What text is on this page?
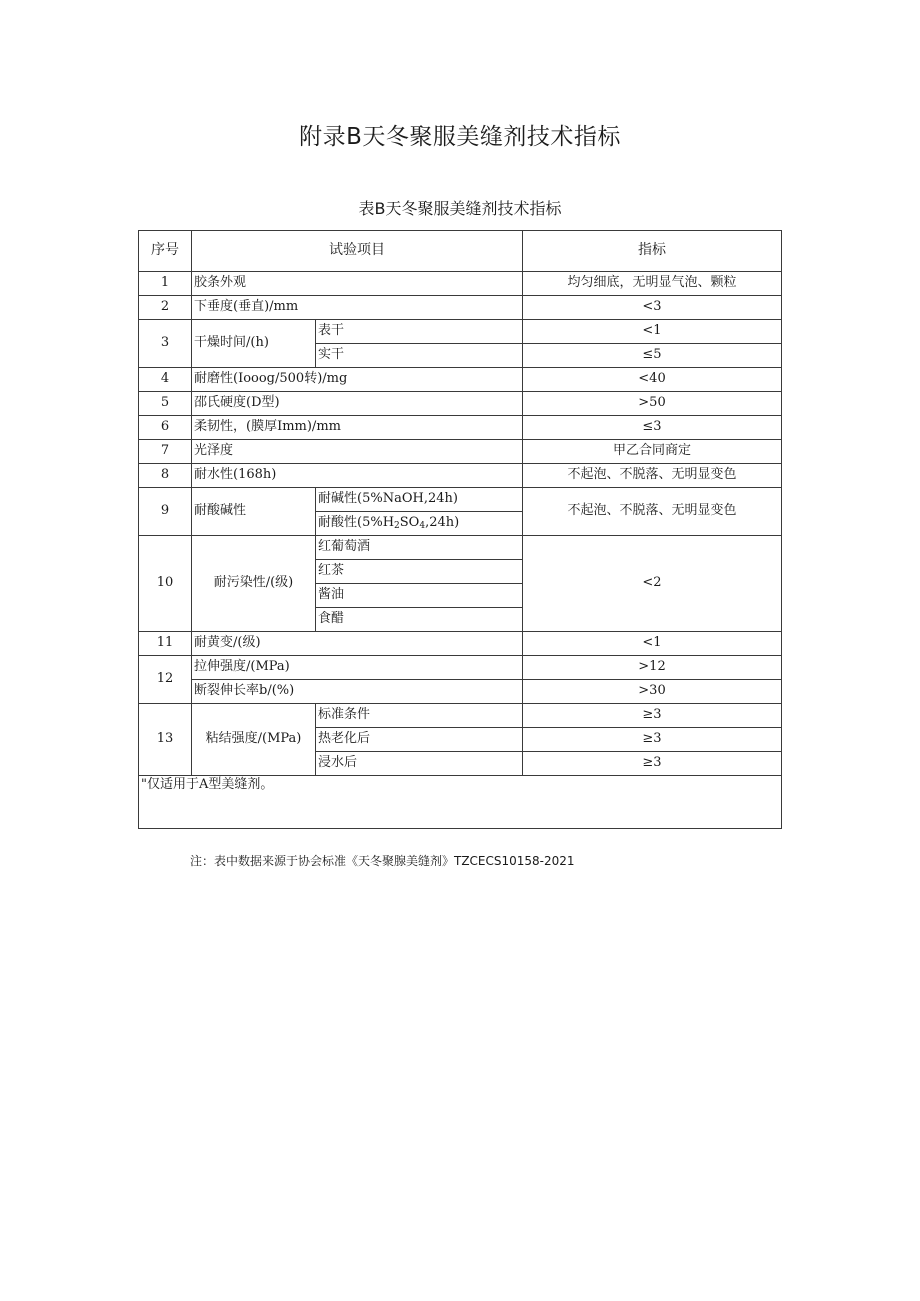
附录B天冬聚服美缝剂技术指标
表B天冬聚服美缝剂技术指标
序号	试验项目		指标
1	胶条外观		均匀细底，无明显气泡、颗粒
2	下垂度(垂直)/mm		<3
3	干燥时间/(h)	表干	<1
		实干	≤5
4	耐磨性(Iooog/500转)/mg		<40
5	邵氏硬度(D型)		>50
6	柔韧性，(膜厚Imm)/mm		≤3
7	光泽度		甲乙合同商定
8	耐水性(168h)		不起泡、不脱落、无明显变色
9	耐酸碱性	耐碱性(5%NaOH,24h)	不起泡、不脱落、无明显变色
		耐酸性$(5\%H_2SO_4,24h)$	
10	耐污染性/(级)	红葡萄酒	<2
		红茶	
		酱油	
		食醋	
11	耐黄变/(级)		<1
12	拉伸强度/(MPa)		>12
	断裂伸长率b/(%)		>30
13	粘结强度/(MPa)	标准条件	≥3
		热老化后	≥3
		浸水后	≥3
"仅适用于A型美缝剂。			
注：表中数据来源于协会标准《天冬聚腺美缝剂》TZCECS10158-2021
